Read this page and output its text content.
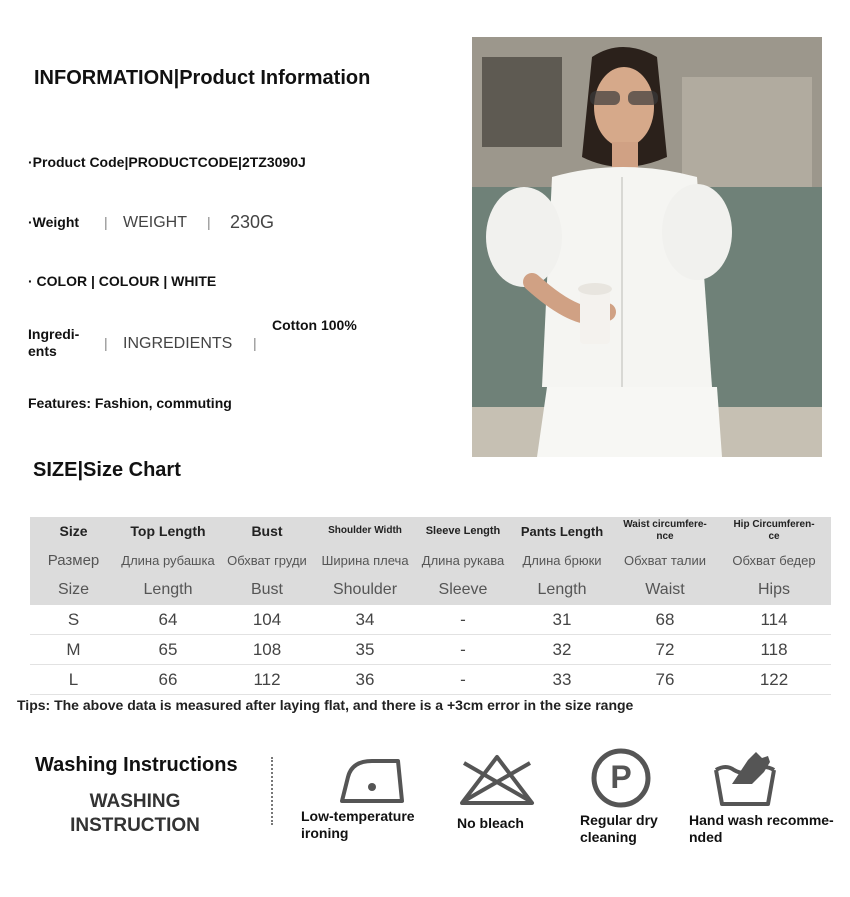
INFORMATION|Product Information
·Product Code|PRODUCTCODE|2TZ3090J
·Weight | WEIGHT | 230G
· COLOR | COLOUR | WHITE
Ingredi-
ents	| INGREDIENTS |
Cotton 100%
Features: Fashion, commuting
SIZE|Size Chart
Size	Top Length	Bust	Shoulder Width	Sleeve Length	Pants Length	Waist circumfere-
nce	Hip Circumferen-
ce
Размер	Длина рубашка	Обхват груди	Ширина плеча	Длина рукава	Длина брюки	Обхват талии	Обхват бедер
Size	Length	Bust	Shoulder	Sleeve	Length	Waist	Hips
S	64	104	34	-	31	68	114
M	65	108	35	-	32	72	118
L	66	112	36	-	33	76	122
Tips: The above data is measured after laying flat, and there is a +3cm error in the size range
Washing Instructions
WASHING
INSTRUCTION	Low-temperature
ironing
No bleach
P
Regular dry
cleaning
Hand wash recomme-
nded
